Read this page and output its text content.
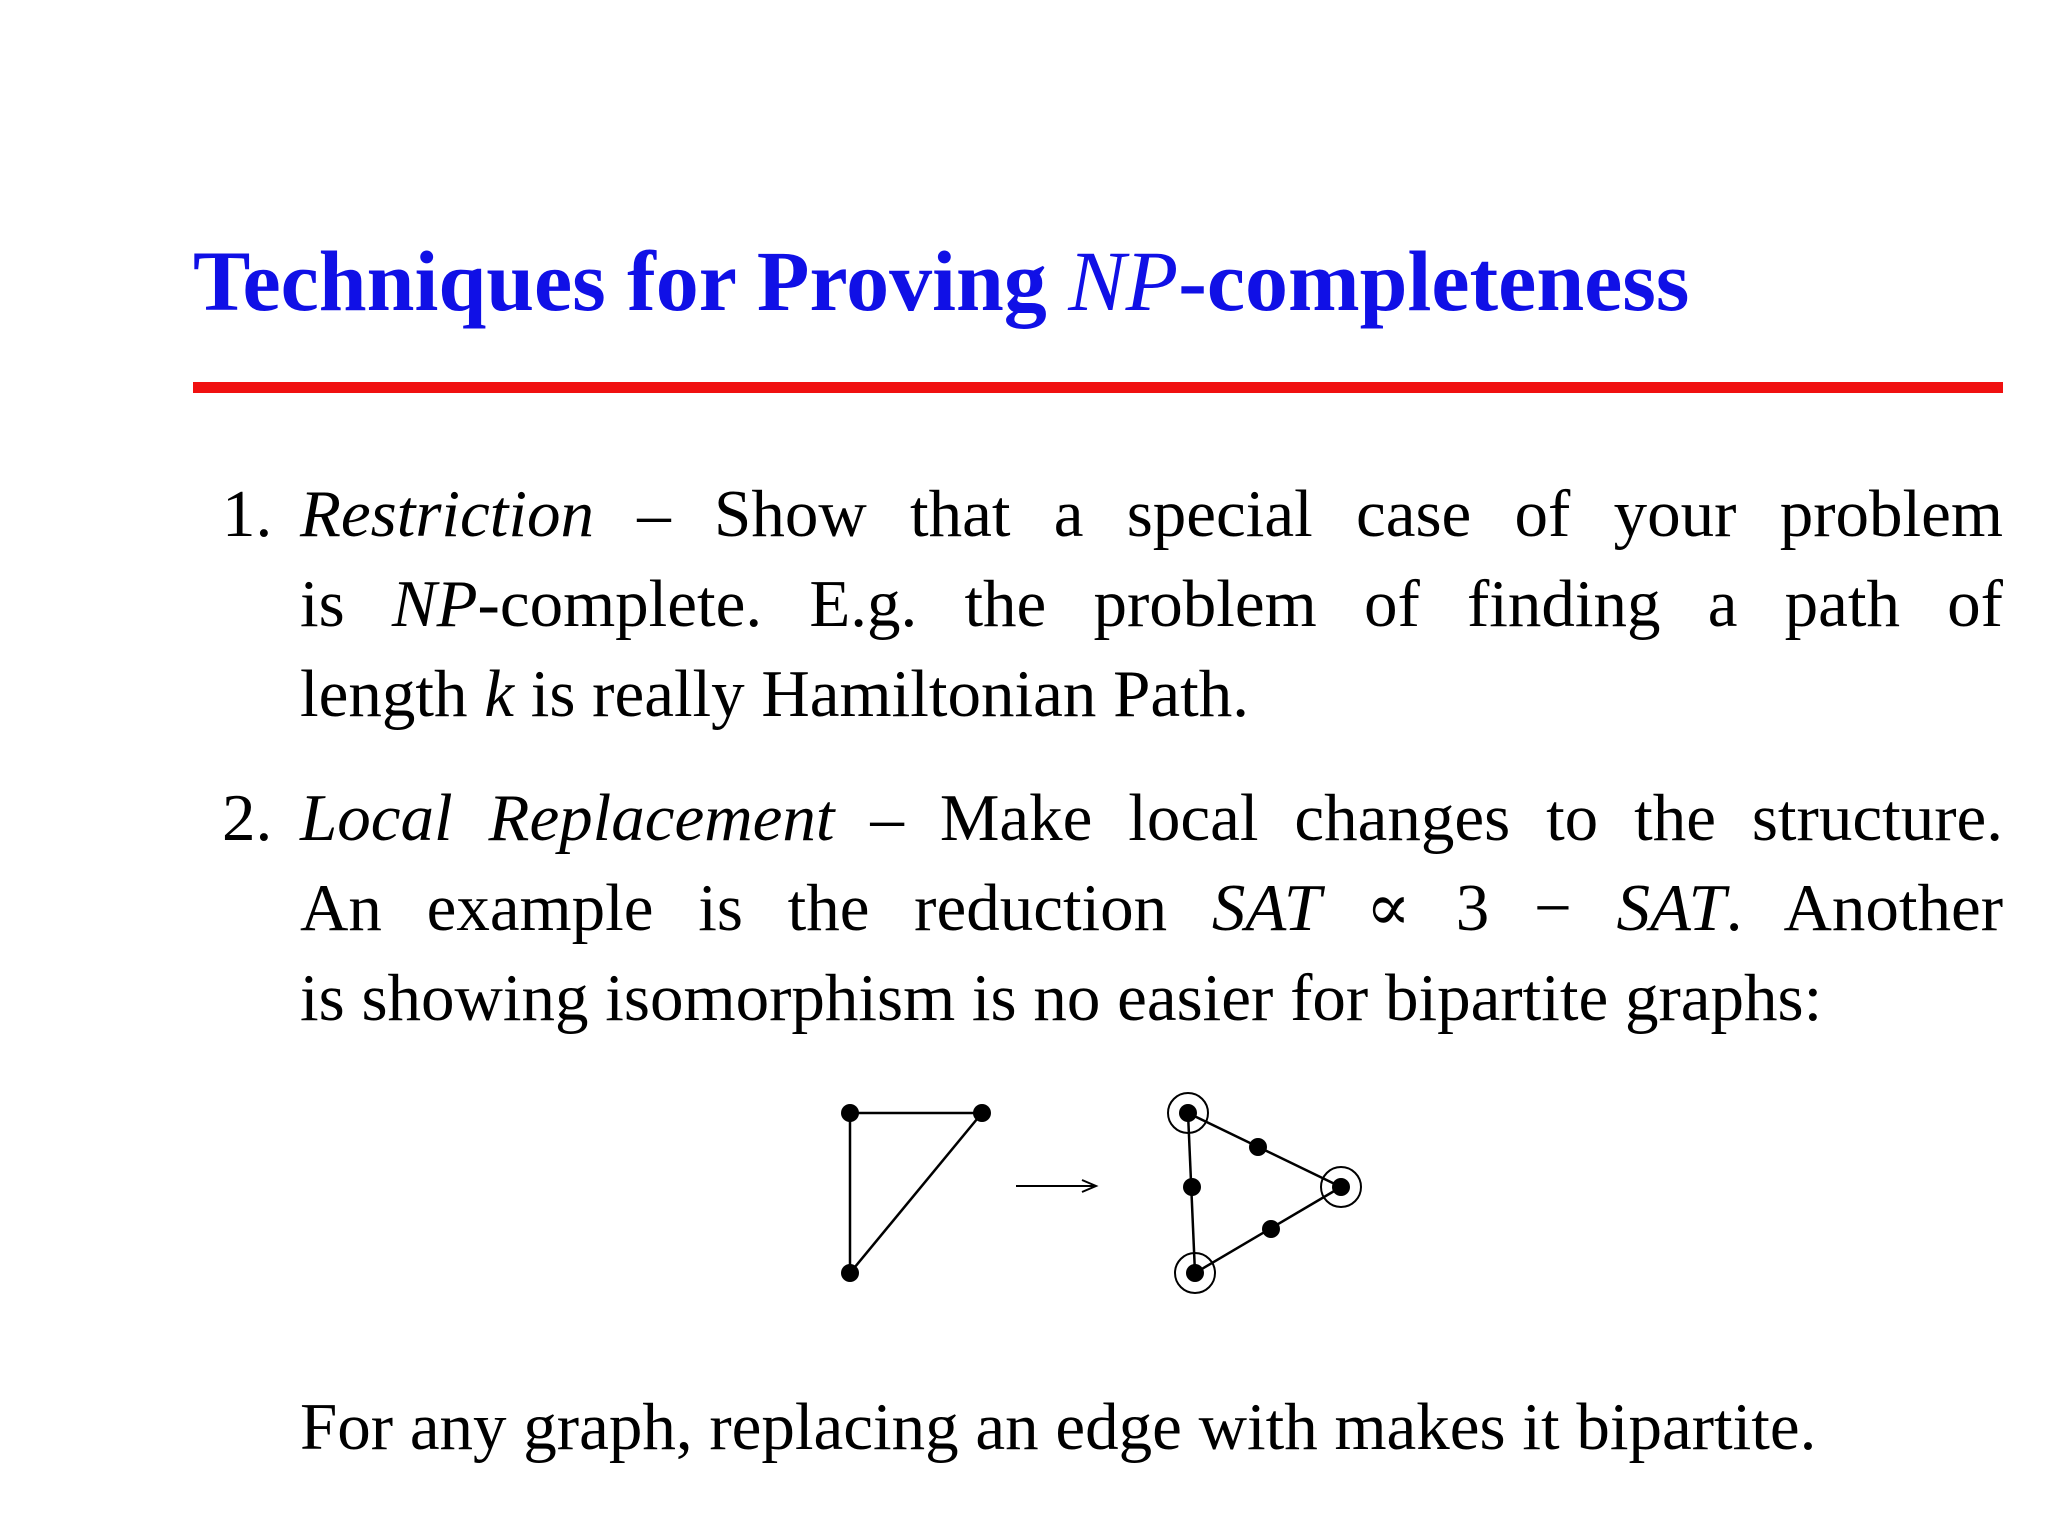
Techniques for Proving NP-completeness
1. Restriction – Show that a special case of your problem
is NP-complete. E.g. the problem of finding a path of
length k is really Hamiltonian Path.
2. Local Replacement – Make local changes to the structure.
An example is the reduction SAT ∝ 3 − SAT. Another
is showing isomorphism is no easier for bipartite graphs:
For any graph, replacing an edge with makes it bipartite.
